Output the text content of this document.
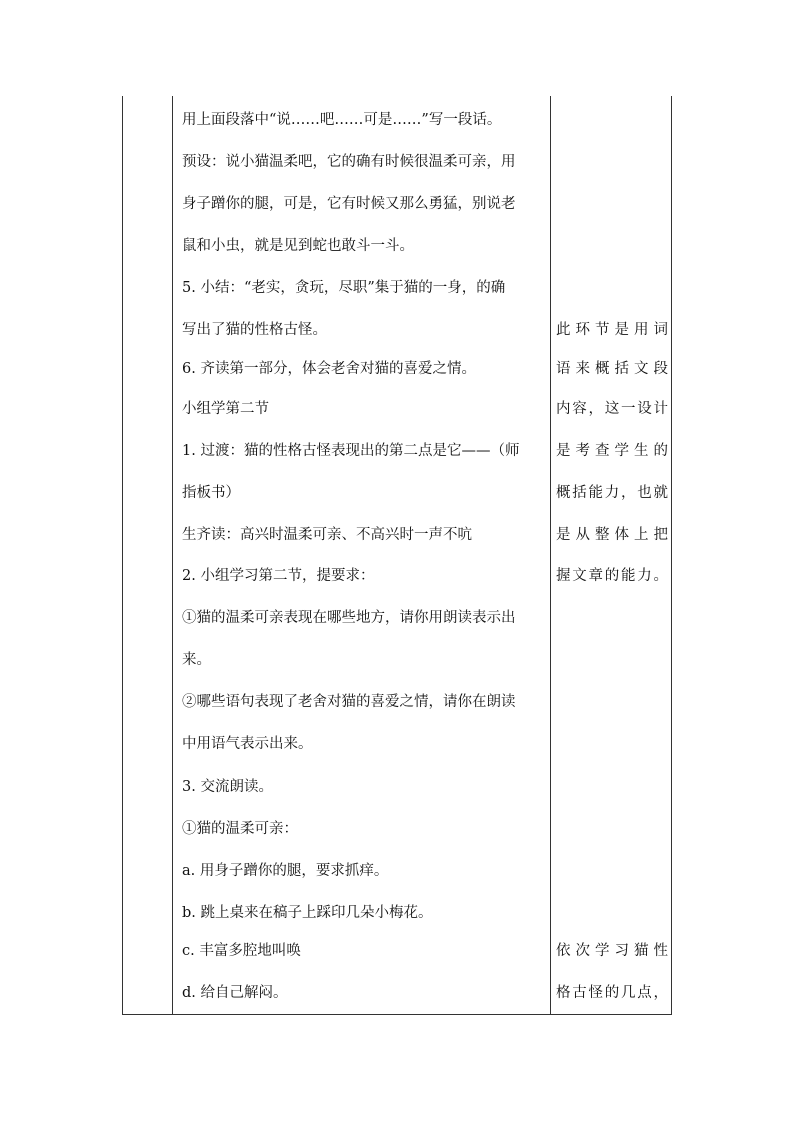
用上面段落中“说……吧……可是……”写一段话。
预设：说小猫温柔吧，它的确有时候很温柔可亲，用
身子蹭你的腿，可是，它有时候又那么勇猛，别说老
鼠和小虫，就是见到蛇也敢斗一斗。
5. 小结：“老实，贪玩，尽职”集于猫的一身，的确
写出了猫的性格古怪。
6. 齐读第一部分，体会老舍对猫的喜爱之情。
小组学第二节
1. 过渡：猫的性格古怪表现出的第二点是它——（师
指板书）
生齐读：高兴时温柔可亲、不高兴时一声不吭
2. 小组学习第二节，提要求：
①猫的温柔可亲表现在哪些地方，请你用朗读表示出
来。
②哪些语句表现了老舍对猫的喜爱之情，请你在朗读
中用语气表示出来。
3. 交流朗读。
①猫的温柔可亲：
a. 用身子蹭你的腿，要求抓痒。
b. 跳上桌来在稿子上踩印几朵小梅花。
c. 丰富多腔地叫唤
d. 给自己解闷。
此环节是用词
语来概括文段
内容，这一设计
是考查学生的
概括能力，也就
是从整体上把
握文章的能力。
依次学习猫性
格古怪的几点，
